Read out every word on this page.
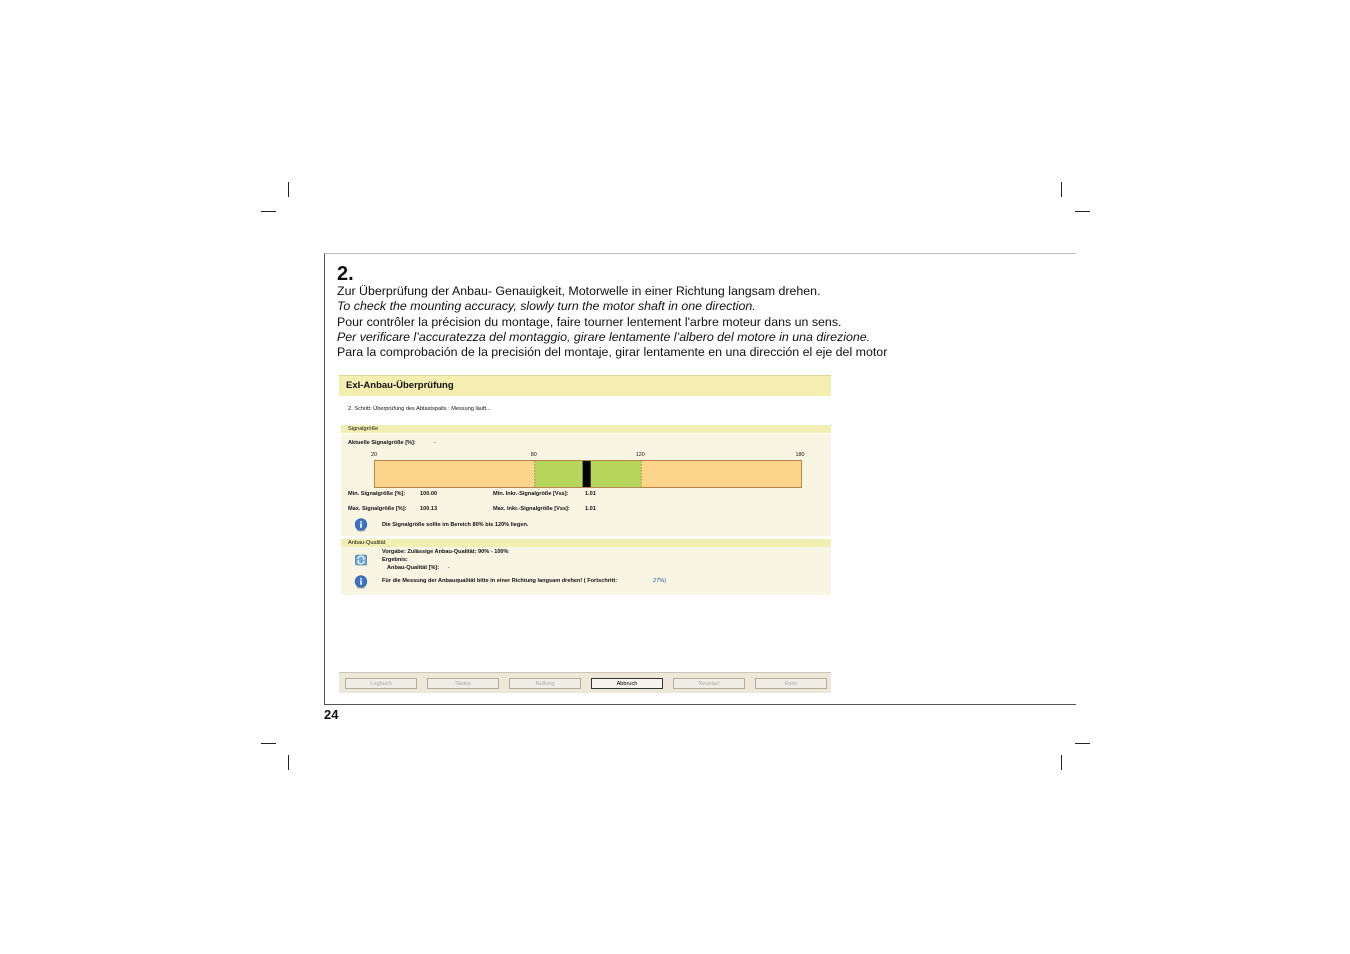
2.
Zur Überprüfung der Anbau- Genauigkeit, Motorwelle in einer Richtung langsam drehen.
To check the mounting accuracy, slowly turn the motor shaft in one direction.
Pour contrôler la précision du montage, faire tourner lentement l'arbre moteur dans un sens.
Per verificare l’accuratezza del montaggio, girare lentamente l’albero del motore in una direzione.
Para la comprobación de la precisión del montaje, girar lentamente en una dirección el eje del motor
24
ExI-Anbau-Überprüfung
2. Schritt: Überprüfung des Abtastspalts : Messung läuft...
Signalgröße
Aktuelle Signalgröße [%]:	-
20	80	120	180
Min. Signalgröße [%]:	100.00	Min. Inkr.-Signalgröße [Vss]:	1.01
Max. Signalgröße [%]: 100.13	Max. Inkr.-Signalgröße [Vss]:	1.01
Die Signalgröße sollte im Bereich 80% bis 120% liegen.
Anbau-Qualität
Vorgabe: Zulässige Anbau-Qualität: 90% - 100%
Ergebnis:
Anbau-Qualität [%]: -
Für die Messung der Anbauqualität bitte in einer Richtung langsam drehen! ( Fortschritt:	27%)
Logbuch	Status	Nullung	Abbruch	Neustart	Ende
